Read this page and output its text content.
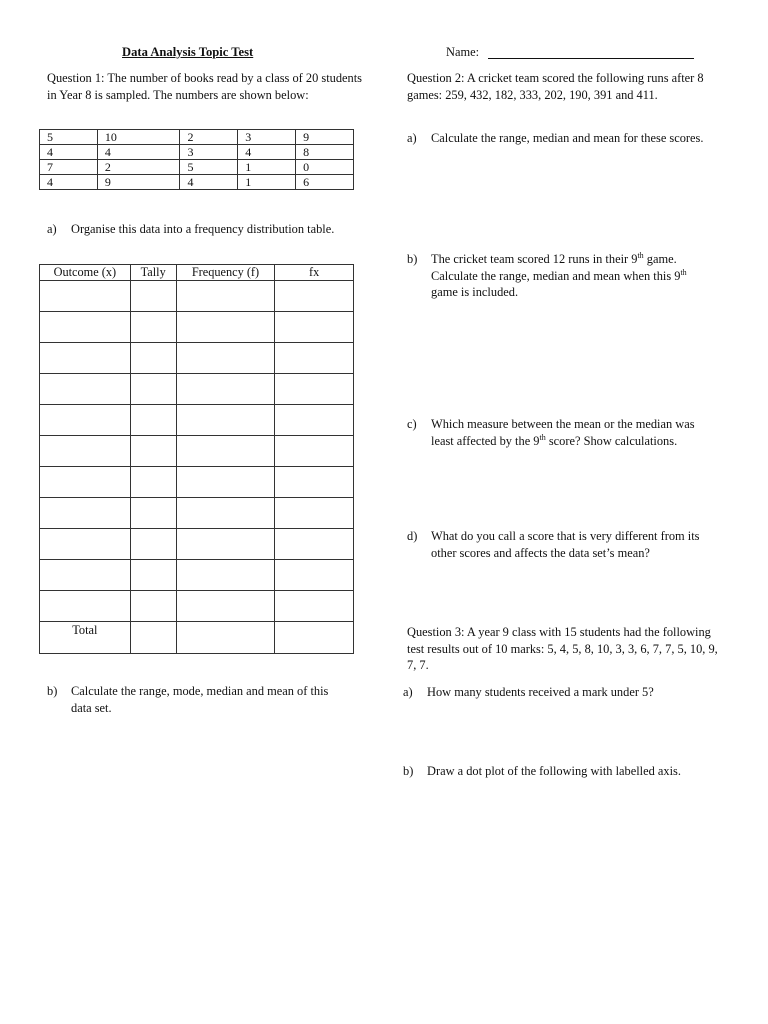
Data Analysis Topic Test	Name:
Question 1: The number of books read by a class of 20 students in Year 8 is sampled. The numbers are shown below:
5	10	2	3	9
4	4	3	4	8
7	2	5	1	0
4	9	4	1	6
a)	Organise this data into a frequency distribution table.
Outcome (x)	Tally	Frequency (f)	fx

Total			
b)	Calculate the range, mode, median and mean of this data set.
Question 2: A cricket team scored the following runs after 8 games: 259, 432, 182, 333, 202, 190, 391 and 411.
a)	Calculate the range, median and mean for these scores.
b)	The cricket team scored 12 runs in their 9th game. Calculate the range, median and mean when this 9th game is included.
c)	Which measure between the mean or the median was least affected by the 9th score? Show calculations.
d)	What do you call a score that is very different from its other scores and affects the data set’s mean?
Question 3: A year 9 class with 15 students had the following test results out of 10 marks: 5, 4, 5, 8, 10, 3, 3, 6, 7, 7, 5, 10, 9, 7, 7.
a)	How many students received a mark under 5?
b)	Draw a dot plot of the following with labelled axis.
